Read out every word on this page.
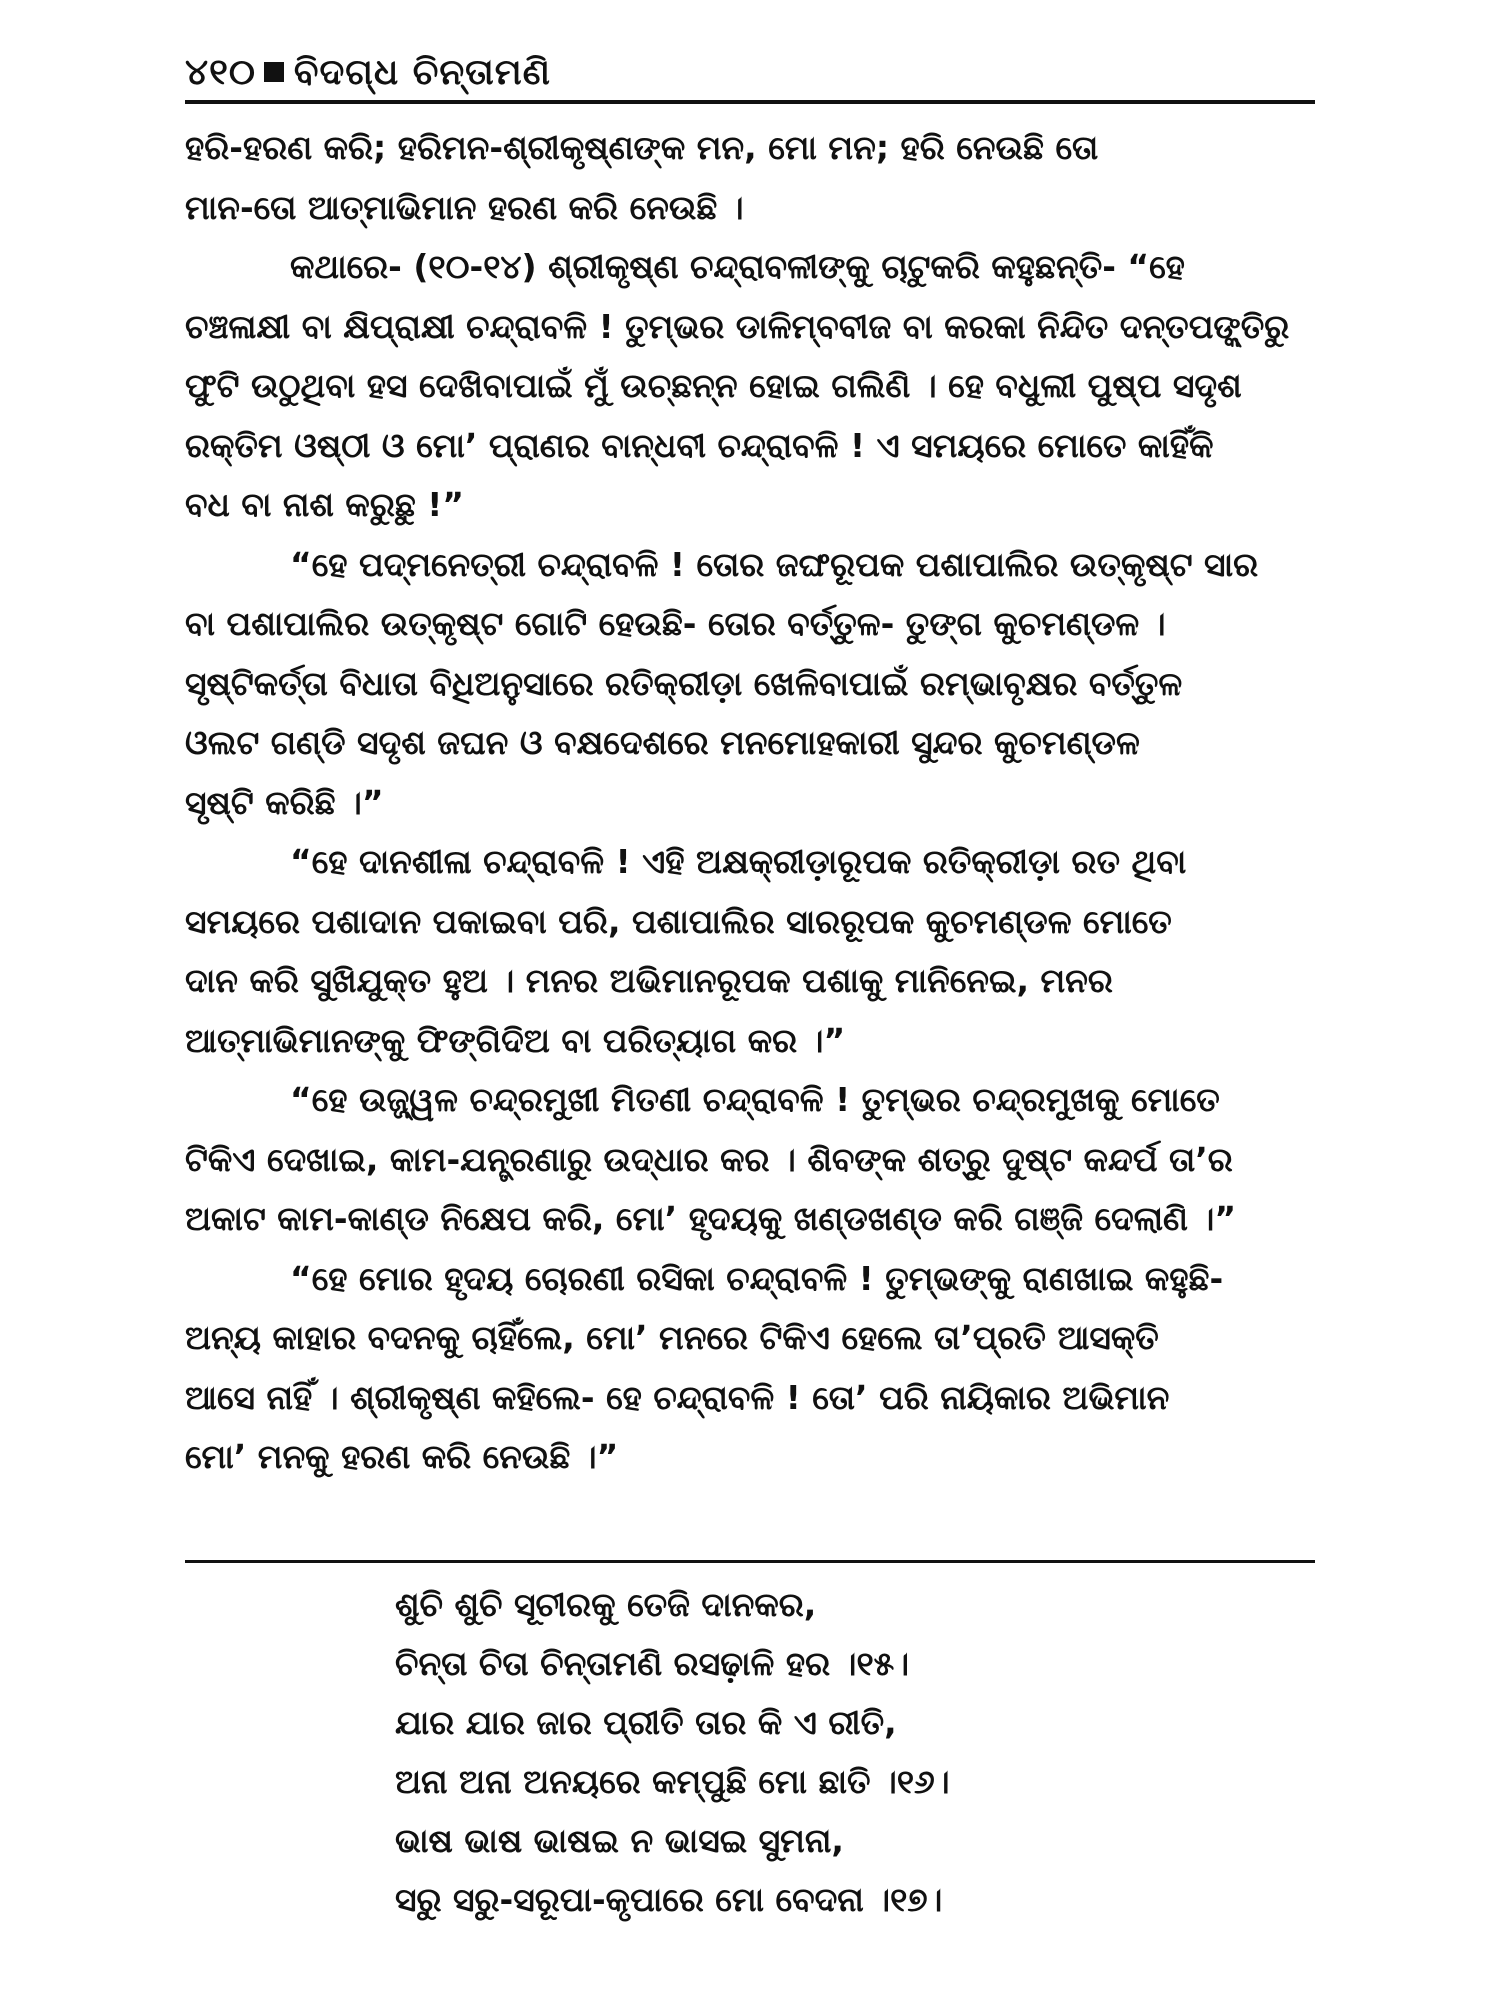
୪୧୦ ବିଦଗ୍ଧ ଚିନ୍ତାମଣି
ହରି-ହରଣ କରି; ହରିମନ-ଶ୍ରୀକୃଷ୍ଣଙ୍କ ମନ, ମୋ ମନ; ହରି ନେଉଛି ତୋ
ମାନ-ତୋ ଆତ୍ମାଭିମାନ ହରଣ କରି ନେଉଛି ।
କଥାରେ- (୧୦-୧୪) ଶ୍ରୀକୃଷ୍ଣ ଚନ୍ଦ୍ରାବଳୀଙ୍କୁ ଚାଟୁକରି କହୁଛନ୍ତି- “ହେ
ଚଞ୍ଚଳାକ୍ଷୀ ବା କ୍ଷିପ୍ରାକ୍ଷୀ ଚନ୍ଦ୍ରାବଳି ! ତୁମ୍ଭର ଡାଳିମ୍ବବୀଜ ବା କରକା ନିନ୍ଦିତ ଦନ୍ତପଙ୍କ୍ତିରୁ
ଫୁଟି ଉଠୁଥିବା ହସ ଦେଖିବାପାଇଁ ମୁଁ ଉଚ୍ଛନ୍ନ ହୋଇ ଗଲିଣି । ହେ ବଧୁଲୀ ପୁଷ୍ପ ସଦୃଶ
ରକ୍ତିମ ଓଷ୍ଠୀ ଓ ମୋ’ ପ୍ରାଣର ବାନ୍ଧବୀ ଚନ୍ଦ୍ରାବଳି ! ଏ ସମୟରେ ମୋତେ କାହିଁକି
ବଧ ବା ନାଶ କରୁଛୁ !”
“ହେ ପଦ୍ମନେତ୍ରୀ ଚନ୍ଦ୍ରାବଳି ! ତୋର ଜଙ୍ଘରୂପକ ପଶାପାଲିର ଉତ୍କୃଷ୍ଟ ସାର
ବା ପଶାପାଲିର ଉତ୍କୃଷ୍ଟ ଗୋଟି ହେଉଛି- ତୋର ବର୍ତ୍ତୁଳ- ତୁଙ୍ଗ କୁଚମଣ୍ଡଳ ।
ସୃଷ୍ଟିକର୍ତ୍ତା ବିଧାତା ବିଧିଅନୁସାରେ ରତିକ୍ରୀଡ଼ା ଖେଳିବାପାଇଁ ରମ୍ଭାବୃକ୍ଷର ବର୍ତ୍ତୁଳ
ଓଲଟ ଗଣ୍ଡି ସଦୃଶ ଜଘନ ଓ ବକ୍ଷଦେଶରେ ମନମୋହକାରୀ ସୁନ୍ଦର କୁଚମଣ୍ଡଳ
ସୃଷ୍ଟି କରିଛି ।”
“ହେ ଦାନଶୀଳା ଚନ୍ଦ୍ରାବଳି ! ଏହି ଅକ୍ଷକ୍ରୀଡ଼ାରୂପକ ରତିକ୍ରୀଡ଼ା ରତ ଥିବା
ସମୟରେ ପଶାଦାନ ପକାଇବା ପରି, ପଶାପାଲିର ସାରରୂପକ କୁଚମଣ୍ଡଳ ମୋତେ
ଦାନ କରି ସୁଖିଯୁକ୍ତ ହୁଅ । ମନର ଅଭିମାନରୂପକ ପଶାକୁ ମାନିନେଇ, ମନର
ଆତ୍ମାଭିମାନଙ୍କୁ ଫିଙ୍ଗିଦିଅ ବା ପରିତ୍ୟାଗ କର ।”
“ହେ ଉଜ୍ଜ୍ୱଳ ଚନ୍ଦ୍ରମୁଖୀ ମିତଣୀ ଚନ୍ଦ୍ରାବଳି ! ତୁମ୍ଭର ଚନ୍ଦ୍ରମୁଖକୁ ମୋତେ
ଟିକିଏ ଦେଖାଇ, କାମ-ଯନ୍ତ୍ରଣାରୁ ଉଦ୍ଧାର କର । ଶିବଙ୍କ ଶତ୍ରୁ ଦୁଷ୍ଟ କନ୍ଦର୍ପ ତା’ର
ଅକାଟ କାମ-କାଣ୍ଡ ନିକ୍ଷେପ କରି, ମୋ’ ହୃଦୟକୁ ଖଣ୍ଡଖଣ୍ଡ କରି ଗଞ୍ଜି ଦେଲାଣି ।”
“ହେ ମୋର ହୃଦୟ ଚୋରଣୀ ରସିକା ଚନ୍ଦ୍ରାବଳି ! ତୁମ୍ଭଙ୍କୁ ରାଣଖାଇ କହୁଛି-
ଅନ୍ୟ କାହାର ବଦନକୁ ଚାହିଁଲେ, ମୋ’ ମନରେ ଟିକିଏ ହେଲେ ତା’ପ୍ରତି ଆସକ୍ତି
ଆସେ ନାହିଁ । ଶ୍ରୀକୃଷ୍ଣ କହିଲେ- ହେ ଚନ୍ଦ୍ରାବଳି ! ତୋ’ ପରି ନାୟିକାର ଅଭିମାନ
ମୋ’ ମନକୁ ହରଣ କରି ନେଉଛି ।”
ଶୁଚି ଶୁଚି ସୂଚୀରକୁ ତେଜି ଦାନକର,
ଚିନ୍ତା ଚିତା ଚିନ୍ତାମଣି ରସଢ଼ାଳି ହର ।୧୫।
ଯାର ଯାର ଜାର ପ୍ରୀତି ତାର କି ଏ ରୀତି,
ଅନା ଅନା ଅନୟରେ କମ୍ପୁଛି ମୋ ଛାତି ।୧୬।
ଭାଷ ଭାଷ ଭାଷଇ ନ ଭାସଇ ସୁମନା,
ସରୁ ସରୁ-ସରୂପା-କୃପାରେ ମୋ ବେଦନା ।୧୭।
